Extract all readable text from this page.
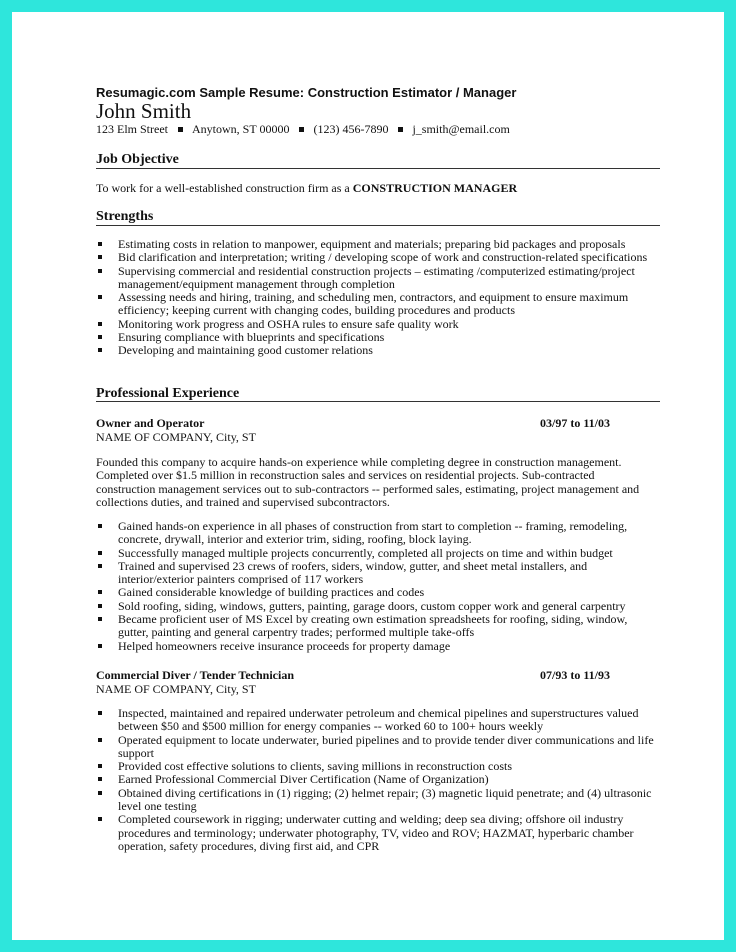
Resumagic.com Sample Resume: Construction Estimator / Manager
John Smith
123 Elm Street Anytown, ST 00000 (123) 456-7890 j_smith@email.com
Job Objective
To work for a well-established construction firm as a CONSTRUCTION MANAGER
Strengths
Estimating costs in relation to manpower, equipment and materials; preparing bid packages and proposals
Bid clarification and interpretation; writing / developing scope of work and construction-related specifications
Supervising commercial and residential construction projects – estimating /computerized estimating/project management/equipment management through completion
Assessing needs and hiring, training, and scheduling men, contractors, and equipment to ensure maximum efficiency; keeping current with changing codes, building procedures and products
Monitoring work progress and OSHA rules to ensure safe quality work
Ensuring compliance with blueprints and specifications
Developing and maintaining good customer relations
Professional Experience
Owner and Operator	03/97 to 11/03
NAME OF COMPANY, City, ST
Founded this company to acquire hands-on experience while completing degree in construction management. Completed over $1.5 million in reconstruction sales and services on residential projects. Sub-contracted construction management services out to sub-contractors -- performed sales, estimating, project management and collections duties, and trained and supervised subcontractors.
Gained hands-on experience in all phases of construction from start to completion -- framing, remodeling, concrete, drywall, interior and exterior trim, siding, roofing, block laying.
Successfully managed multiple projects concurrently, completed all projects on time and within budget
Trained and supervised 23 crews of roofers, siders, window, gutter, and sheet metal installers, and interior/exterior painters comprised of 117 workers
Gained considerable knowledge of building practices and codes
Sold roofing, siding, windows, gutters, painting, garage doors, custom copper work and general carpentry
Became proficient user of MS Excel by creating own estimation spreadsheets for roofing, siding, window, gutter, painting and general carpentry trades; performed multiple take-offs
Helped homeowners receive insurance proceeds for property damage
Commercial Diver / Tender Technician	07/93 to 11/93
NAME OF COMPANY, City, ST
Inspected, maintained and repaired underwater petroleum and chemical pipelines and superstructures valued between $50 and $500 million for energy companies -- worked 60 to 100+ hours weekly
Operated equipment to locate underwater, buried pipelines and to provide tender diver communications and life support
Provided cost effective solutions to clients, saving millions in reconstruction costs
Earned Professional Commercial Diver Certification (Name of Organization)
Obtained diving certifications in (1) rigging; (2) helmet repair; (3) magnetic liquid penetrate; and (4) ultrasonic level one testing
Completed coursework in rigging; underwater cutting and welding; deep sea diving; offshore oil industry procedures and terminology; underwater photography, TV, video and ROV; HAZMAT, hyperbaric chamber operation, safety procedures, diving first aid, and CPR
